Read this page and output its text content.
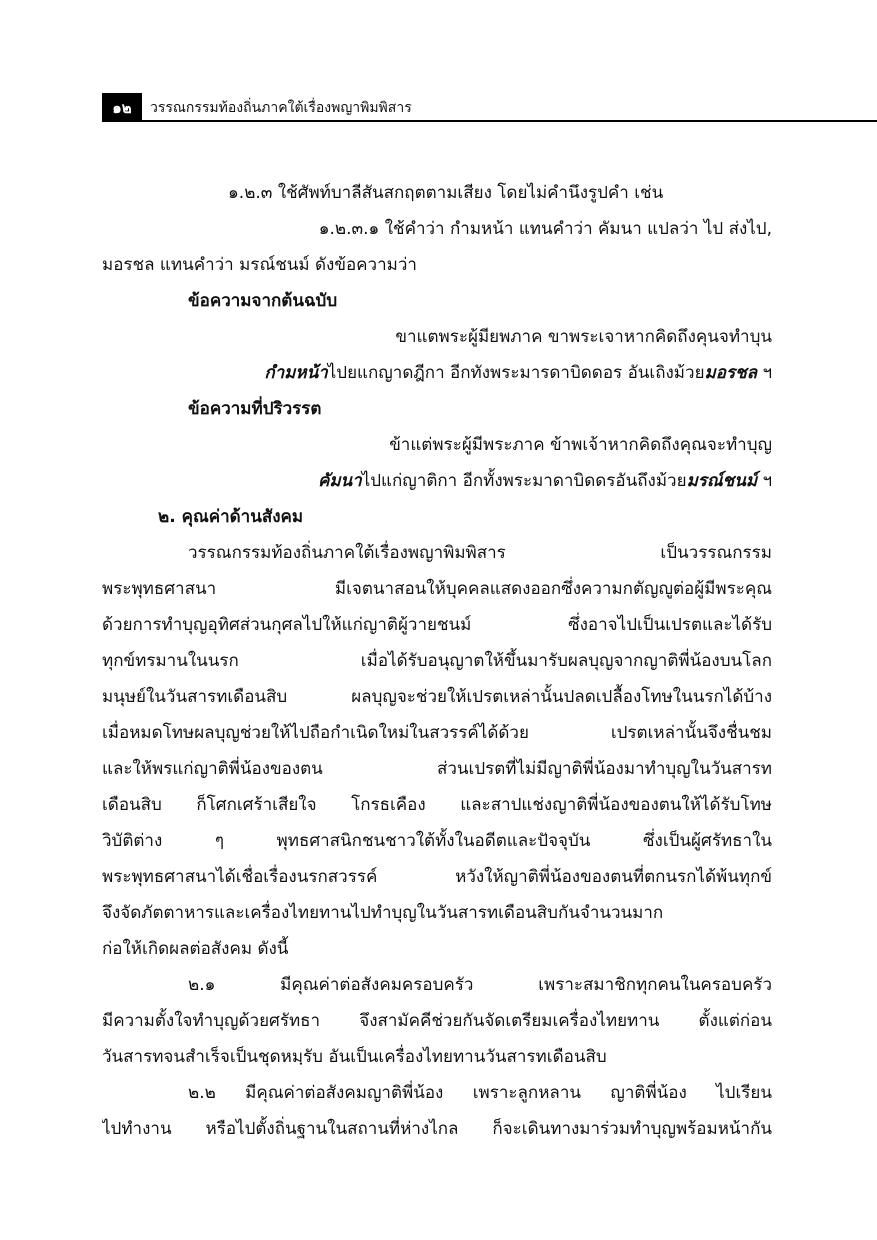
๑๒	วรรณกรรมท้องถิ่นภาคใต้เรื่องพญาพิมพิสาร
๑.๒.๓ ใช้ศัพท์บาลีสันสกฤตตามเสียง โดยไม่คำนึงรูปคำ เช่น
๑.๒.๓.๑ ใช้คำว่า กำมหน้า แทนคำว่า คัมนา แปลว่า ไป ส่งไป,
มอรชล แทนคำว่า มรณ์ชนม์ ดังข้อความว่า
ข้อความจากต้นฉบับ
ขาแตพระผู้มียพภาค ขาพระเจาหากคิดถึงคุนจทำบุน
กำมหน้าไปยแกญาดฎีกา อีกทังพระมารดาบิดดอร อันเถิงม้วยมอรชล ฯ
ข้อความที่ปริวรรต
ข้าแต่พระผู้มีพระภาค ข้าพเจ้าหากคิดถึงคุณจะทำบุญ
คัมนาไปแก่ญาติกา อีกทั้งพระมาดาบิดดรอันถึงม้วยมรณ์ชนม์ ฯ
๒. คุณค่าด้านสังคม
วรรณกรรมท้องถิ่นภาคใต้เรื่องพญาพิมพิสาร เป็นวรรณกรรม
พระพุทธศาสนา มีเจตนาสอนให้บุคคลแสดงออกซึ่งความกตัญญูต่อผู้มีพระคุณ
ด้วยการทำบุญอุทิศส่วนกุศลไปให้แก่ญาติผู้วายชนม์ ซึ่งอาจไปเป็นเปรตและได้รับ
ทุกข์ทรมานในนรก เมื่อได้รับอนุญาตให้ขึ้นมารับผลบุญจากญาติพี่น้องบนโลก
มนุษย์ในวันสารทเดือนสิบ ผลบุญจะช่วยให้เปรตเหล่านั้นปลดเปลื้องโทษในนรกได้บ้าง
เมื่อหมดโทษผลบุญช่วยให้ไปถือกำเนิดใหม่ในสวรรค์ได้ด้วย เปรตเหล่านั้นจึงชื่นชม
และให้พรแก่ญาติพี่น้องของตน ส่วนเปรตที่ไม่มีญาติพี่น้องมาทำบุญในวันสารท
เดือนสิบ ก็โศกเศร้าเสียใจ โกรธเคือง และสาปแช่งญาติพี่น้องของตนให้ได้รับโทษ
วิบัติต่าง ๆ พุทธศาสนิกชนชาวใต้ทั้งในอดีตและปัจจุบัน ซึ่งเป็นผู้ศรัทธาใน
พระพุทธศาสนาได้เชื่อเรื่องนรกสวรรค์ หวังให้ญาติพี่น้องของตนที่ตกนรกได้พ้นทุกข์
จึงจัดภัตตาหารและเครื่องไทยทานไปทำบุญในวันสารทเดือนสิบกันจำนวนมาก
ก่อให้เกิดผลต่อสังคม ดังนี้
๒.๑ มีคุณค่าต่อสังคมครอบครัว เพราะสมาชิกทุกคนในครอบครัว
มีความตั้งใจทำบุญด้วยศรัทธา จึงสามัคคีช่วยกันจัดเตรียมเครื่องไทยทาน ตั้งแต่ก่อน
วันสารทจนสำเร็จเป็นชุดหมฺรับ อันเป็นเครื่องไทยทานวันสารทเดือนสิบ
๒.๒ มีคุณค่าต่อสังคมญาติพี่น้อง เพราะลูกหลาน ญาติพี่น้อง ไปเรียน
ไปทำงาน หรือไปตั้งถิ่นฐานในสถานที่ห่างไกล ก็จะเดินทางมาร่วมทำบุญพร้อมหน้ากัน
